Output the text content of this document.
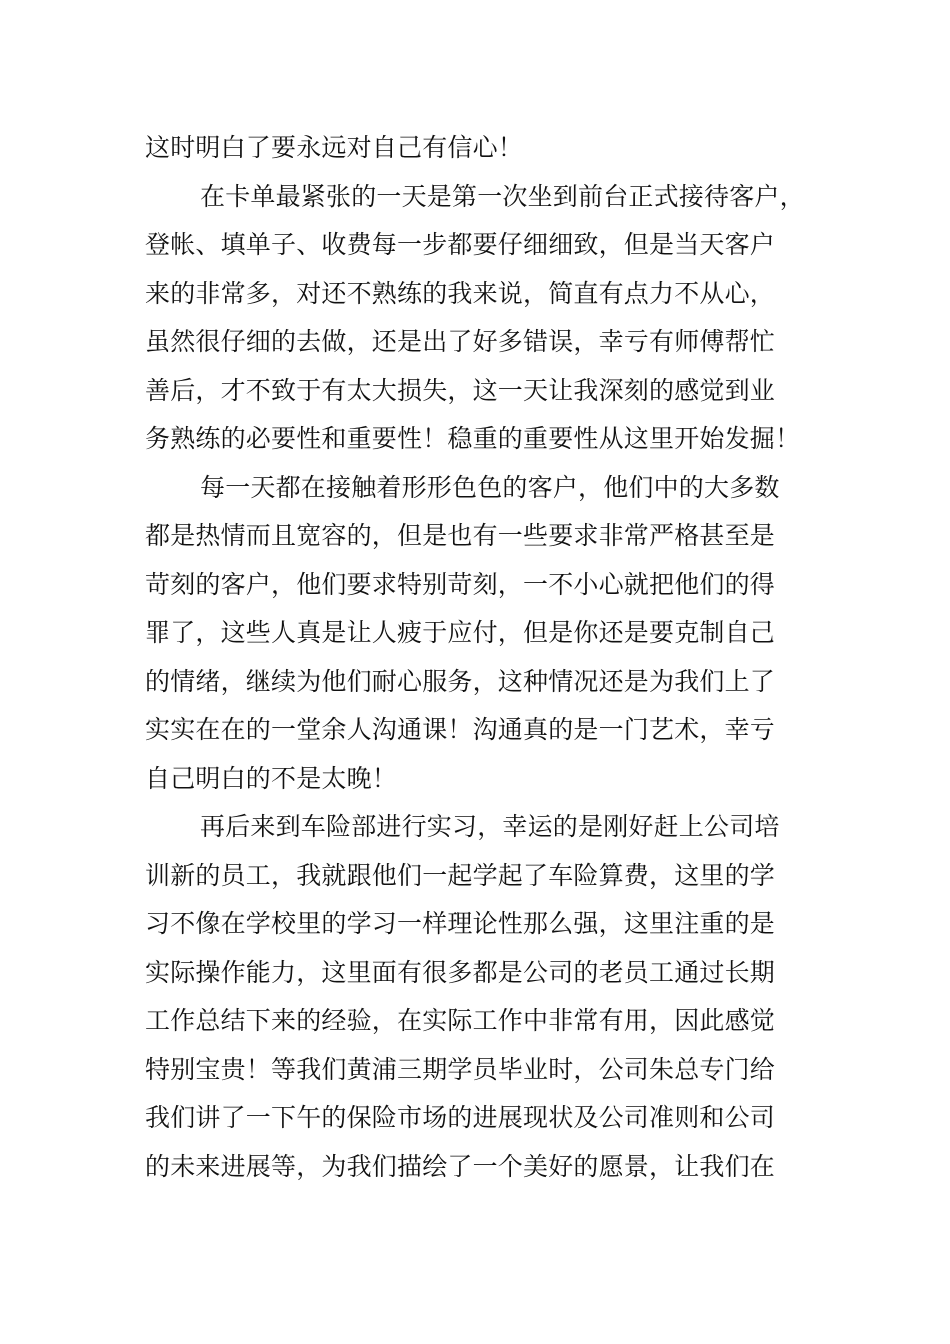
这时明白了要永远对自己有信心！
在卡单最紧张的一天是第一次坐到前台正式接待客户，
登帐、填单子、收费每一步都要仔细细致，但是当天客户
来的非常多，对还不熟练的我来说，简直有点力不从心，
虽然很仔细的去做，还是出了好多错误，幸亏有师傅帮忙
善后，才不致于有太大损失，这一天让我深刻的感觉到业
务熟练的必要性和重要性！稳重的重要性从这里开始发掘！
每一天都在接触着形形色色的客户，他们中的大多数
都是热情而且宽容的，但是也有一些要求非常严格甚至是
苛刻的客户，他们要求特别苛刻，一不小心就把他们的得
罪了，这些人真是让人疲于应付，但是你还是要克制自己
的情绪，继续为他们耐心服务，这种情况还是为我们上了
实实在在的一堂余人沟通课！沟通真的是一门艺术，幸亏
自己明白的不是太晚！
再后来到车险部进行实习，幸运的是刚好赶上公司培
训新的员工，我就跟他们一起学起了车险算费，这里的学
习不像在学校里的学习一样理论性那么强，这里注重的是
实际操作能力，这里面有很多都是公司的老员工通过长期
工作总结下来的经验，在实际工作中非常有用，因此感觉
特别宝贵！等我们黄浦三期学员毕业时，公司朱总专门给
我们讲了一下午的保险市场的进展现状及公司准则和公司
的未来进展等，为我们描绘了一个美好的愿景，让我们在
